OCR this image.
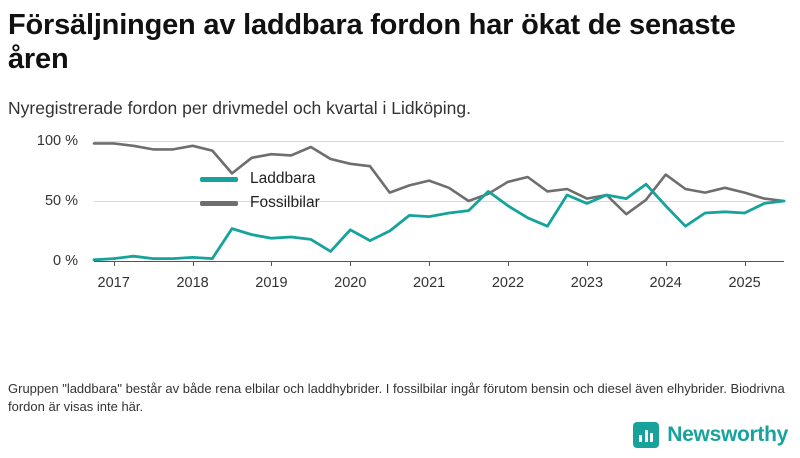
Försäljningen av laddbara fordon har ökat de senaste åren

Nyregistrerade fordon per drivmedel och kvartal i Lidköping.

100 %
50 %
0 %
2017	2018	2019	2020	2021	2022	2023	2024	2025
Laddbara
Fossilbilar
Gruppen "laddbara" består av både rena elbilar och laddhybrider. I fossilbilar ingår förutom bensin och diesel även elhybrider. Biodrivna fordon är visas inte här.
Newsworthy
